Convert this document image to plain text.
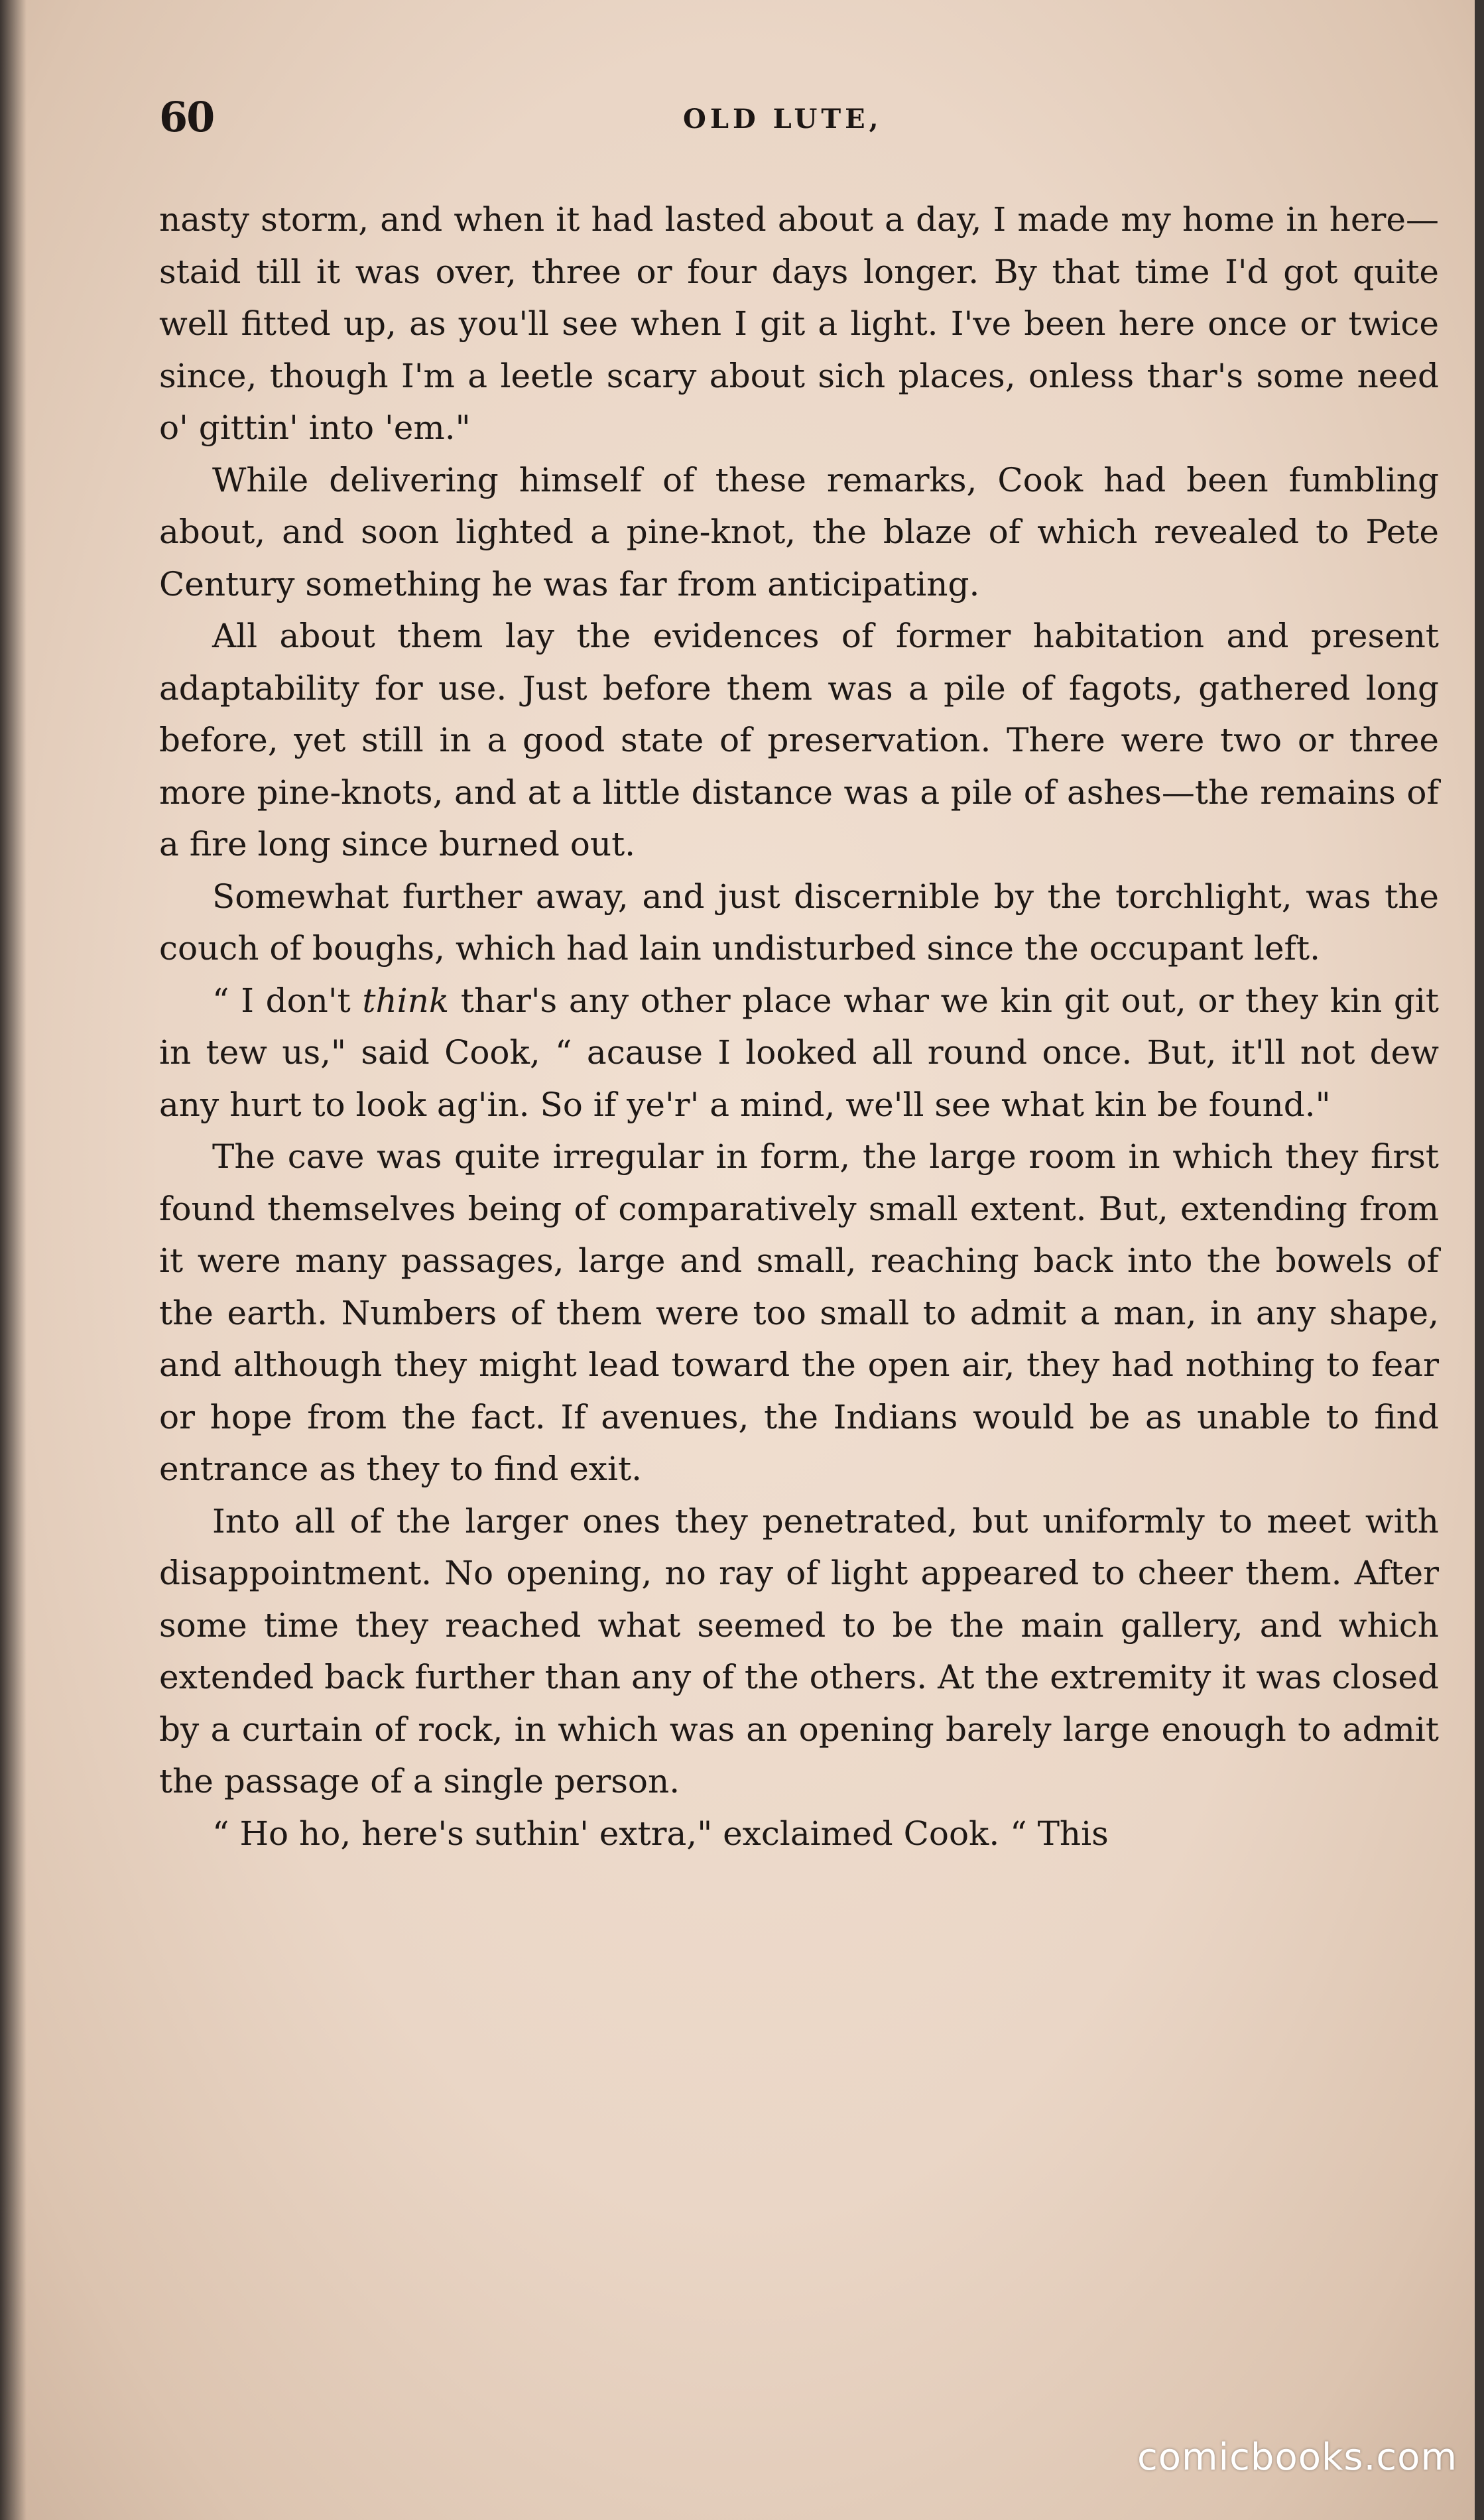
60	OLD LUTE,

nasty storm, and when it had lasted about a day, I made my home in here—staid till it was over, three or four days longer. By that time I'd got quite well fitted up, as you'll see when I git a light. I've been here once or twice since, though I'm a leetle scary about sich places, onless thar's some need o' gittin' into 'em."

While delivering himself of these remarks, Cook had been fumbling about, and soon lighted a pine-knot, the blaze of which revealed to Pete Century something he was far from anticipating.

All about them lay the evidences of former habitation and present adaptability for use. Just before them was a pile of fagots, gathered long before, yet still in a good state of preservation. There were two or three more pine-knots, and at a little distance was a pile of ashes—the remains of a fire long since burned out.

Somewhat further away, and just discernible by the torchlight, was the couch of boughs, which had lain undisturbed since the occupant left.

“ I don't think thar's any other place whar we kin git out, or they kin git in tew us," said Cook, “ acause I looked all round once. But, it'll not dew any hurt to look ag'in. So if ye'r' a mind, we'll see what kin be found."

The cave was quite irregular in form, the large room in which they first found themselves being of comparatively small extent. But, extending from it were many passages, large and small, reaching back into the bowels of the earth. Numbers of them were too small to admit a man, in any shape, and although they might lead toward the open air, they had nothing to fear or hope from the fact. If avenues, the Indians would be as unable to find entrance as they to find exit.

Into all of the larger ones they penetrated, but uniformly to meet with disappointment. No opening, no ray of light appeared to cheer them. After some time they reached what seemed to be the main gallery, and which extended back further than any of the others. At the extremity it was closed by a curtain of rock, in which was an opening barely large enough to admit the passage of a single person.

“ Ho ho, here's suthin' extra," exclaimed Cook. “ This

comicbooks.com
